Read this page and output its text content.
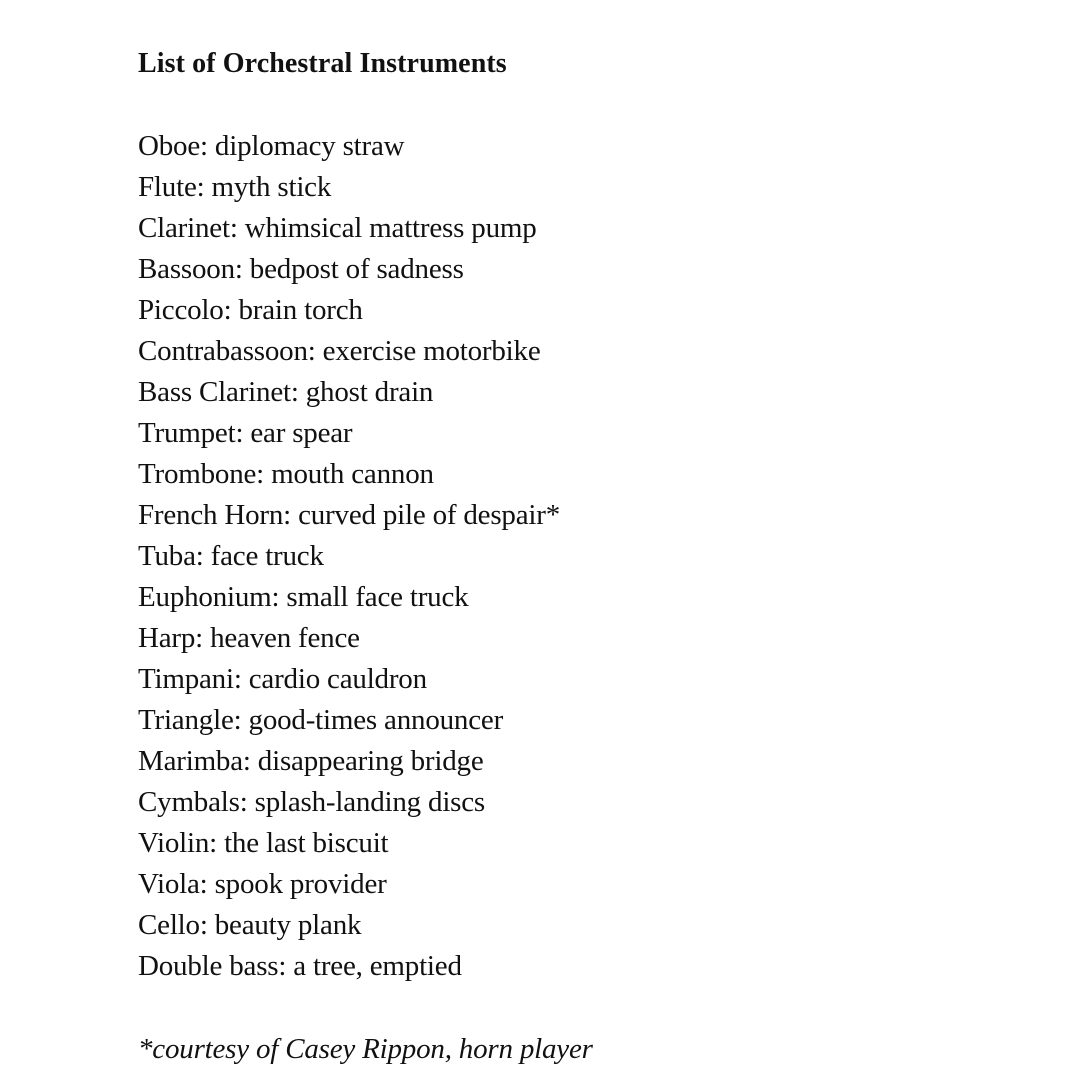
List of Orchestral Instruments
Oboe: diplomacy straw
Flute: myth stick
Clarinet: whimsical mattress pump
Bassoon: bedpost of sadness
Piccolo: brain torch
Contrabassoon: exercise motorbike
Bass Clarinet: ghost drain
Trumpet: ear spear
Trombone: mouth cannon
French Horn: curved pile of despair*
Tuba: face truck
Euphonium: small face truck
Harp: heaven fence
Timpani: cardio cauldron
Triangle: good-times announcer
Marimba: disappearing bridge
Cymbals: splash-landing discs
Violin: the last biscuit
Viola: spook provider
Cello: beauty plank
Double bass: a tree, emptied

*courtesy of Casey Rippon, horn player
